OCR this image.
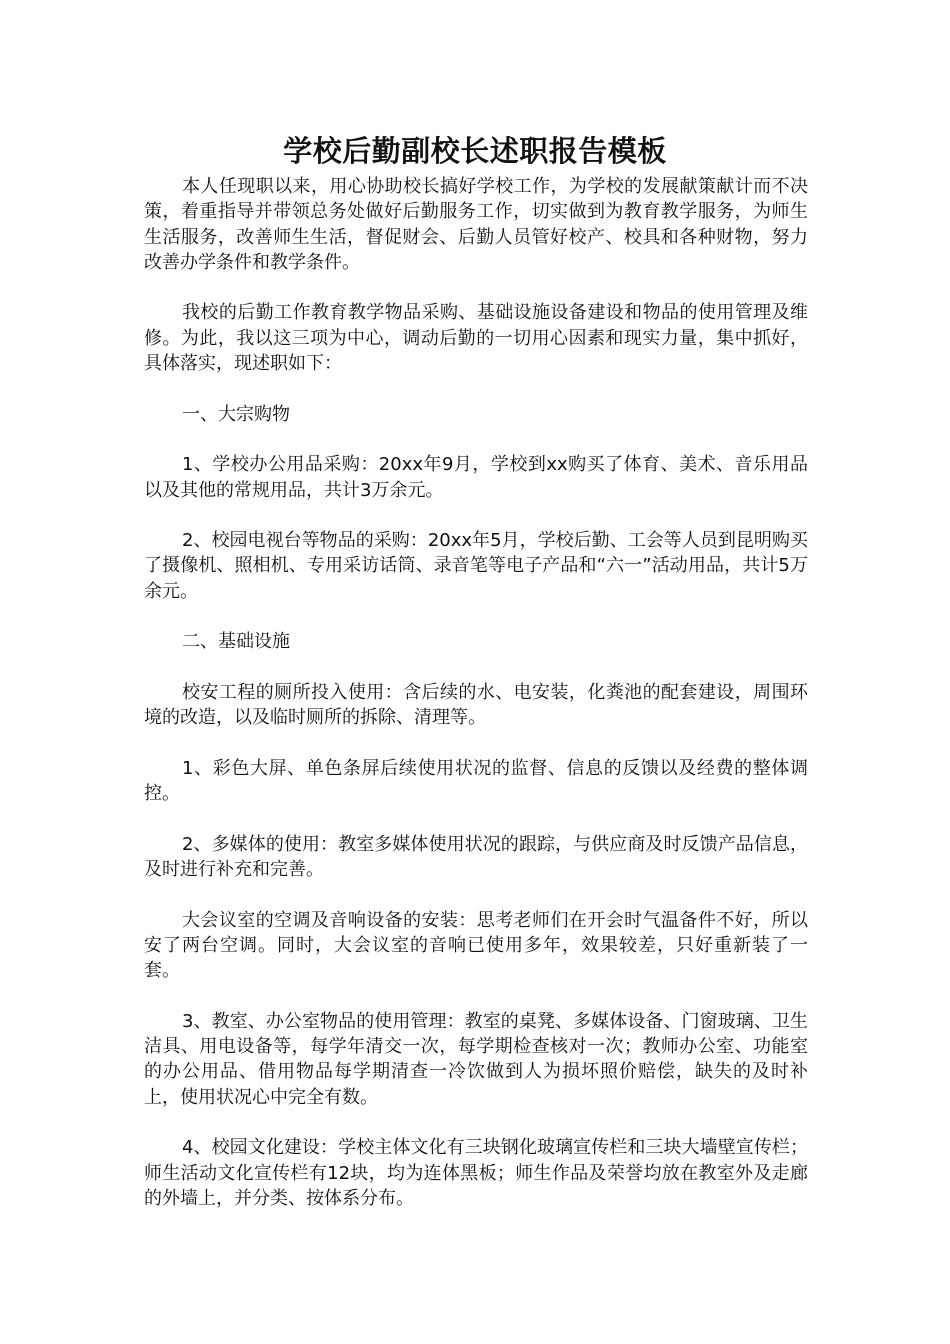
学校后勤副校长述职报告模板

本人任现职以来，用心协助校长搞好学校工作，为学校的发展献策献计而不决策，着重指导并带领总务处做好后勤服务工作，切实做到为教育教学服务，为师生生活服务，改善师生生活，督促财会、后勤人员管好校产、校具和各种财物，努力改善办学条件和教学条件。

我校的后勤工作教育教学物品采购、基础设施设备建设和物品的使用管理及维修。为此，我以这三项为中心，调动后勤的一切用心因素和现实力量，集中抓好，具体落实，现述职如下：

一、大宗购物

1、学校办公用品采购：20xx年9月，学校到xx购买了体育、美术、音乐用品以及其他的常规用品，共计3万余元。

2、校园电视台等物品的采购：20xx年5月，学校后勤、工会等人员到昆明购买了摄像机、照相机、专用采访话筒、录音笔等电子产品和“六一”活动用品，共计5万余元。

二、基础设施

校安工程的厕所投入使用：含后续的水、电安装，化粪池的配套建设，周围环境的改造，以及临时厕所的拆除、清理等。

1、彩色大屏、单色条屏后续使用状况的监督、信息的反馈以及经费的整体调控。

2、多媒体的使用：教室多媒体使用状况的跟踪，与供应商及时反馈产品信息，及时进行补充和完善。

大会议室的空调及音响设备的安装：思考老师们在开会时气温备件不好，所以安了两台空调。同时，大会议室的音响已使用多年，效果较差，只好重新装了一套。

3、教室、办公室物品的使用管理：教室的桌凳、多媒体设备、门窗玻璃、卫生洁具、用电设备等，每学年清交一次，每学期检查核对一次；教师办公室、功能室的办公用品、借用物品每学期清查一冷饮做到人为损坏照价赔偿，缺失的及时补上，使用状况心中完全有数。

4、校园文化建设：学校主体文化有三块钢化玻璃宣传栏和三块大墙壁宣传栏；师生活动文化宣传栏有12块，均为连体黑板；师生作品及荣誉均放在教室外及走廊的外墙上，并分类、按体系分布。
